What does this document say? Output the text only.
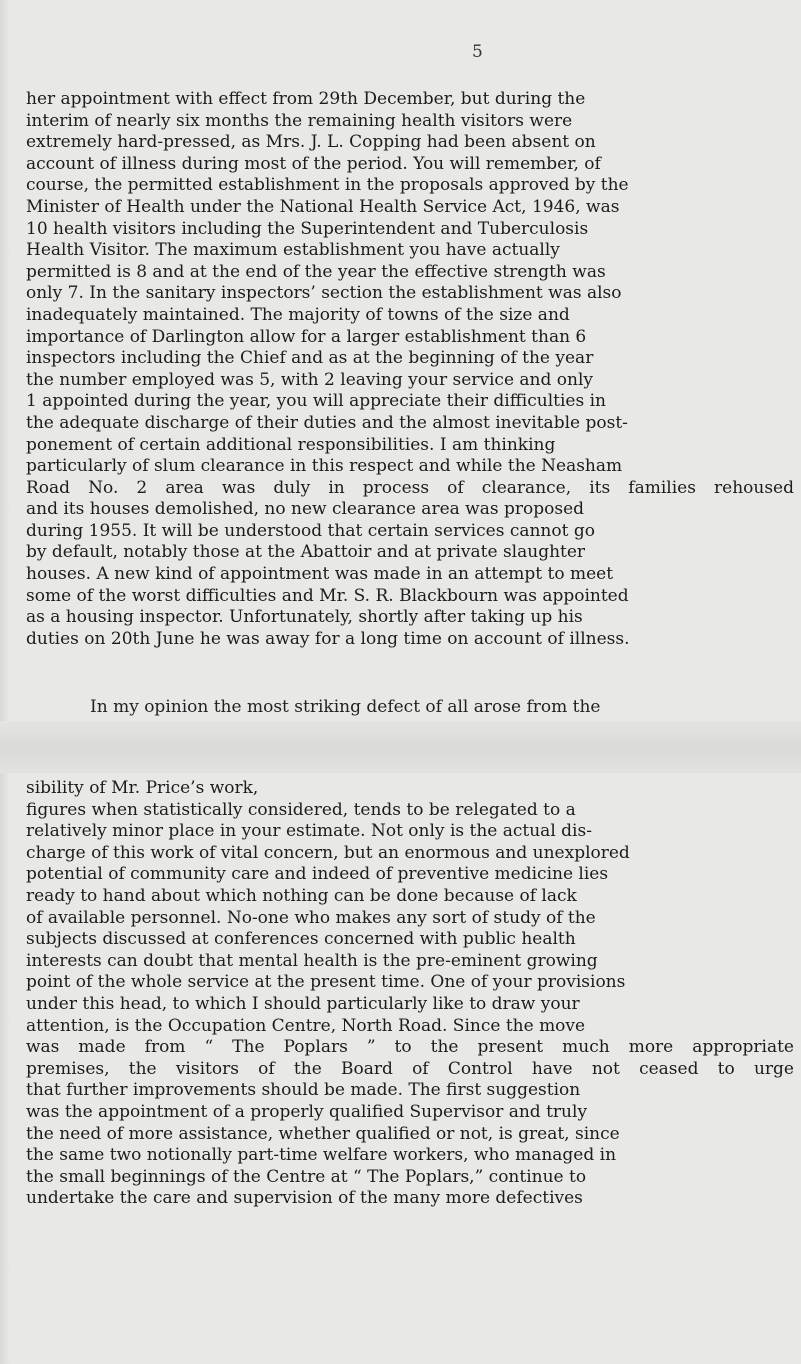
5
her appointment with effect from 29th December, but during the
interim of nearly six months the remaining health visitors were
extremely hard-pressed, as Mrs. J. L. Copping had been absent on
account of illness during most of the period. You will remember, of
course, the permitted establishment in the proposals approved by the
Minister of Health under the National Health Service Act, 1946, was
10 health visitors including the Superintendent and Tuberculosis
Health Visitor. The maximum establishment you have actually
permitted is 8 and at the end of the year the effective strength was
only 7. In the sanitary inspectors’ section the establishment was also
inadequately maintained. The majority of towns of the size and
importance of Darlington allow for a larger establishment than 6
inspectors including the Chief and as at the beginning of the year
the number employed was 5, with 2 leaving your service and only
1 appointed during the year, you will appreciate their difficulties in
the adequate discharge of their duties and the almost inevitable post-
ponement of certain additional responsibilities. I am thinking
particularly of slum clearance in this respect and while the Neasham
Road No. 2 area was duly in process of clearance, its families rehoused
and its houses demolished, no new clearance area was proposed
during 1955. It will be understood that certain services cannot go
by default, notably those at the Abattoir and at private slaughter
houses. A new kind of appointment was made in an attempt to meet
some of the worst difficulties and Mr. S. R. Blackbourn was appointed
as a housing inspector. Unfortunately, shortly after taking up his
duties on 20th June he was away for a long time on account of illness.
In my opinion the most striking defect of all arose from the
sibility of Mr. Price’s work,
figures when statistically considered, tends to be relegated to a
relatively minor place in your estimate. Not only is the actual dis-
charge of this work of vital concern, but an enormous and unexplored
potential of community care and indeed of preventive medicine lies
ready to hand about which nothing can be done because of lack
of available personnel. No-one who makes any sort of study of the
subjects discussed at conferences concerned with public health
interests can doubt that mental health is the pre-eminent growing
point of the whole service at the present time. One of your provisions
under this head, to which I should particularly like to draw your
attention, is the Occupation Centre, North Road. Since the move
was made from “ The Poplars ” to the present much more appropriate
premises, the visitors of the Board of Control have not ceased to urge
that further improvements should be made. The first suggestion
was the appointment of a properly qualified Supervisor and truly
the need of more assistance, whether qualified or not, is great, since
the same two notionally part-time welfare workers, who managed in
the small beginnings of the Centre at “ The Poplars,” continue to
undertake the care and supervision of the many more defectives
